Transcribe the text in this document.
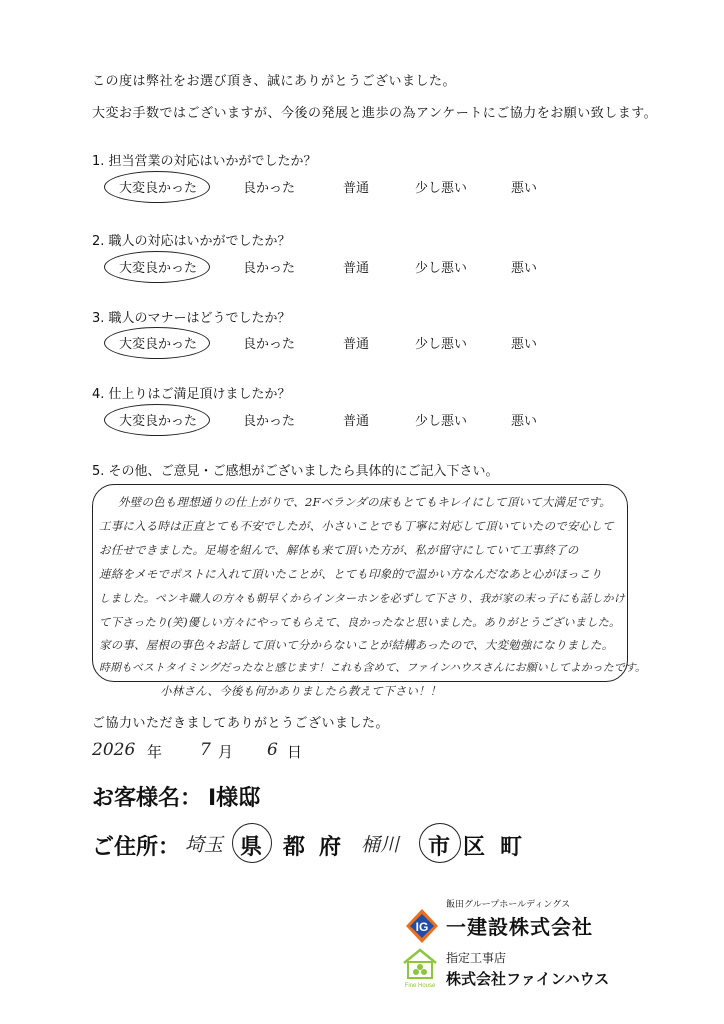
この度は弊社をお選び頂き、誠にありがとうございました。
大変お手数ではございますが、今後の発展と進歩の為アンケートにご協力をお願い致します。
1. 担当営業の対応はいかがでしたか？
大変良かった	良かった	普通	少し悪い	悪い
2. 職人の対応はいかがでしたか？
大変良かった	良かった	普通	少し悪い	悪い
3. 職人のマナーはどうでしたか？
大変良かった	良かった	普通	少し悪い	悪い
4. 仕上りはご満足頂けましたか？
大変良かった	良かった	普通	少し悪い	悪い
5. その他、ご意見・ご感想がございましたら具体的にご記入下さい。
外壁の色も理想通りの仕上がりで、2Fベランダの床もとてもキレイにして頂いて大満足です。
工事に入る時は正直とても不安でしたが、小さいことでも丁寧に対応して頂いていたので安心して
お任せできました。足場を組んで、解体も来て頂いた方が、私が留守にしていて工事終了の
連絡をメモでポストに入れて頂いたことが、とても印象的で温かい方なんだなあと心がほっこり
しました。ペンキ職人の方々も朝早くからインターホンを必ずして下さり、我が家の末っ子にも話しかけ
て下さったり(笑)優しい方々にやってもらえて、良かったなと思いました。ありがとうございました。
家の事、屋根の事色々お話して頂いて分からないことが結構あったので、大変勉強になりました。
時期もベストタイミングだったなと感じます！これも含めて、ファインハウスさんにお願いしてよかったです。
小林さん、今後も何かありましたら教えて下さい！！
ご協力いただきましてありがとうございました。
2026 年 7 月 6 日
お客様名： I様邸
ご住所： 埼玉 県 都 府 桶川 市 区 町
IG
飯田グループホールディングス
一建設株式会社
Fine House
指定工事店
株式会社ファインハウス
